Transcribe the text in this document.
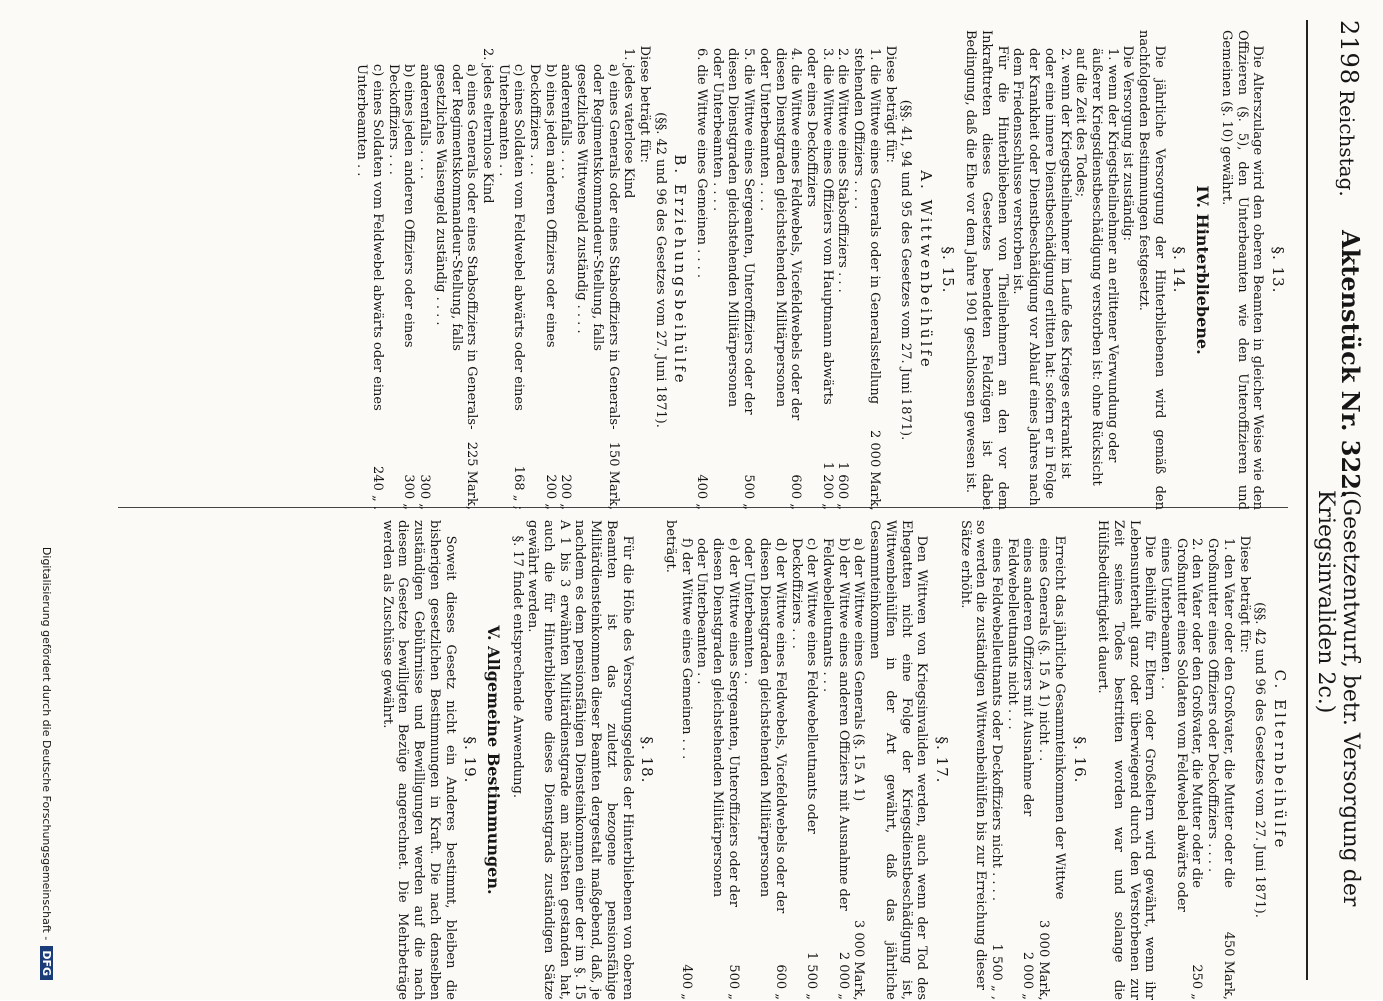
2198
Reichstag.
Aktenstück Nr. 322.
(Gesetzentwurf, betr. Versorgung der Kriegsinvaliden 2c.)
§. 13.
Die Alterszulage wird den oberen Beamten in gleicher Weise wie den Offizieren (§. 5), den Unterbeamten wie den Unteroffizieren und Gemeinen (§. 10) gewährt.
IV. Hinterbliebene.
§. 14.
Die jährliche Versorgung der Hinterbliebenen wird gemäß den nachfolgenden Bestimmungen festgesetzt.
Die Versorgung ist zuständig:
1. wenn der Kriegstheilnehmer an erlittener Verwundung oder äußerer Kriegsdienstbeschädigung verstorben ist: ohne Rücksicht auf die Zeit des Todes;
2. wenn der Kriegstheilnehmer im Laufe des Krieges erkrankt ist oder eine innere Dienstbeschädigung erlitten hat: sofern er in Folge der Krankheit oder Dienstbeschädigung vor Ablauf eines Jahres nach dem Friedensschlusse verstorben ist.
Für die Hinterbliebenen von Theilnehmern an den vor dem Inkrafttreten dieses Gesetzes beendeten Feldzügen ist dabei Bedingung, daß die Ehe vor dem Jahre 1901 geschlossen gewesen ist.
§. 15.
A. Wittwenbeihülfe
(§§. 41, 94 und 95 des Gesetzes vom 27. Juni 1871).
Diese beträgt für:
1. die Wittwe eines Generals oder in Generalsstellung stehenden Offiziers . . . .
2 000 Mark,
2. die Wittwe eines Stabsoffiziers . . .
1 600 „
3. die Wittwe eines Offiziers vom Hauptmann abwärts oder eines Deckoffiziers
1 200 „
4. die Wittwe eines Feldwebels, Vicefeldwebels oder der diesen Dienstgraden gleichstehenden Militärpersonen oder Unterbeamten . . . .
600 „
5. die Wittwe eines Sergeanten, Unteroffiziers oder der diesen Dienstgraden gleichstehenden Militärpersonen oder Unterbeamten . . . .
500 „
6. die Wittwe eines Gemeinen . . . .
400 „
B. Erziehungsbeihülfe
(§§. 42 und 96 des Gesetzes vom 27. Juni 1871).
Diese beträgt für:
1. jedes vaterlose Kind
a) eines Generals oder eines Stabsoffiziers in Generals- oder Regimentskommandeur-Stellung, falls gesetzliches Wittwengeld zuständig . . . .
150 Mark,
anderenfalls . . . .
200 „
b) eines jeden anderen Offiziers oder eines Deckoffiziers . . .
200 „
c) eines Soldaten vom Feldwebel abwärts oder eines Unterbeamten . .
168 „ ;
2. jedes elternlose Kind
a) eines Generals oder eines Stabsoffiziers in Generals- oder Regimentskommandeur-Stellung, falls gesetzliches Waisengeld zuständig . . . .
225 Mark,
anderenfalls . . . .
300 „
b) eines jeden anderen Offiziers oder eines Deckoffiziers . . .
300 „
c) eines Soldaten vom Feldwebel abwärts oder eines Unterbeamten . .
240 „ .
C. Elternbeihülfe
(§§. 42 und 96 des Gesetzes vom 27. Juni 1871).
Diese beträgt für:
1. den Vater oder den Großvater, die Mutter oder die Großmutter eines Offiziers oder Deckoffiziers . . . .
450 Mark,
2. den Vater oder den Großvater, die Mutter oder die Großmutter eines Soldaten vom Feldwebel abwärts oder eines Unterbeamten . .
250 „
Die Beihülfe für Eltern oder Großeltern wird gewährt, wenn ihr Lebensunterhalt ganz oder überwiegend durch den Verstorbenen zur Zeit seines Todes bestritten worden war und solange die Hülfsbedürftigkeit dauert.
§. 16.
Erreicht das jährliche Gesammteinkommen der Wittwe
eines Generals (§. 15 A 1) nicht . .
3 000 Mark,
eines anderen Offiziers mit Ausnahme der Feldwebelleutnants nicht . . .
2 000 „
eines Feldwebelleutnants oder Deckoffiziers nicht . . . .
1 500 „ ,
so werden die zuständigen Wittwenbeihülfen bis zur Erreichung dieser Sätze erhöht.
§. 17.
Den Wittwen von Kriegsinvaliden werden, auch wenn der Tod des Ehegatten nicht eine Folge der Kriegsdienstbeschädigung ist, Wittwenbeihülfen in der Art gewährt, daß das jährliche Gesammteinkommen
a) der Wittwe eines Generals (§. 15 A 1)
3 000 Mark,
b) der Wittwe eines anderen Offiziers mit Ausnahme der Feldwebelleutnants . . .
2 000 „
c) der Wittwe eines Feldwebelleutnants oder Deckoffiziers . . .
1 500 „
d) der Wittwe eines Feldwebels, Vicefeldwebels oder der diesen Dienstgraden gleichstehenden Militärpersonen oder Unterbeamten . .
600 „
e) der Wittwe eines Sergeanten, Unteroffiziers oder der diesen Dienstgraden gleichstehenden Militärpersonen oder Unterbeamten . .
500 „
f) der Wittwe eines Gemeinen . . .
400 „
beträgt.
§. 18.
Für die Höhe des Versorgungsgeldes der Hinterbliebenen von oberen Beamten ist das zuletzt bezogene pensionsfähige Militärdiensteinkommen dieser Beamten dergestalt maßgebend, daß, je nachdem es dem pensionsfähigen Diensteinkommen einer der im §. 15 A 1 bis 3 erwähnten Militärdienstgrade am nächsten gestanden hat, auch die für Hinterbliebene dieses Dienstgrads zuständigen Sätze gewährt werden.
§. 17 findet entsprechende Anwendung.
V. Allgemeine Bestimmungen.
§. 19.
Soweit dieses Gesetz nicht ein Anderes bestimmt, bleiben die bisherigen gesetzlichen Bestimmungen in Kraft. Die nach denselben zuständigen Gebührnisse und Bewilligungen werden auf die nach diesem Gesetze bewilligten Bezüge angerechnet. Die Mehrbeträge werden als Zuschüsse gewährt.
Digitalisierung gefördert durch die Deutsche Forschungsgemeinschaft -DFG
